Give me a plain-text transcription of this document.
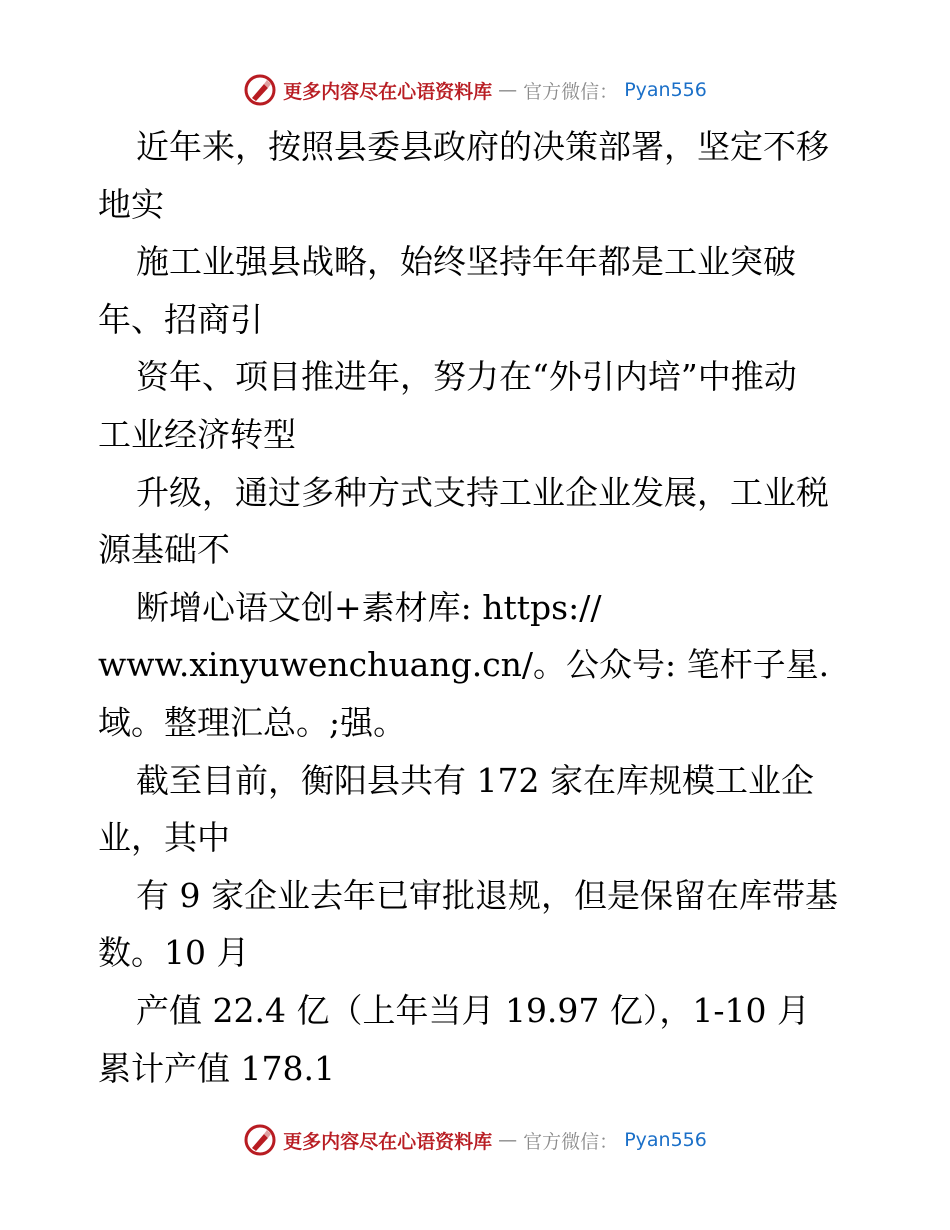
更多内容尽在心语资料库 — 官方微信： Pyan556
近年来，按照县委县政府的决策部署，坚定不移
地实
施工业强县战略，始终坚持年年都是工业突破
年、招商引
资年、项目推进年，努力在“外引内培”中推动
工业经济转型
升级，通过多种方式支持工业企业发展，工业税
源基础不
断增心语文创+素材库: https://
www.xinyuwenchuang.cn/。公众号: 笔杆子星.
域。整理汇总。;强。
截至目前，衡阳县共有 172 家在库规模工业企
业，其中
有 9 家企业去年已审批退规，但是保留在库带基
数。10 月
产值 22.4 亿（上年当月 19.97 亿），1-10 月
累计产值 178.1
更多内容尽在心语资料库 — 官方微信： Pyan556
